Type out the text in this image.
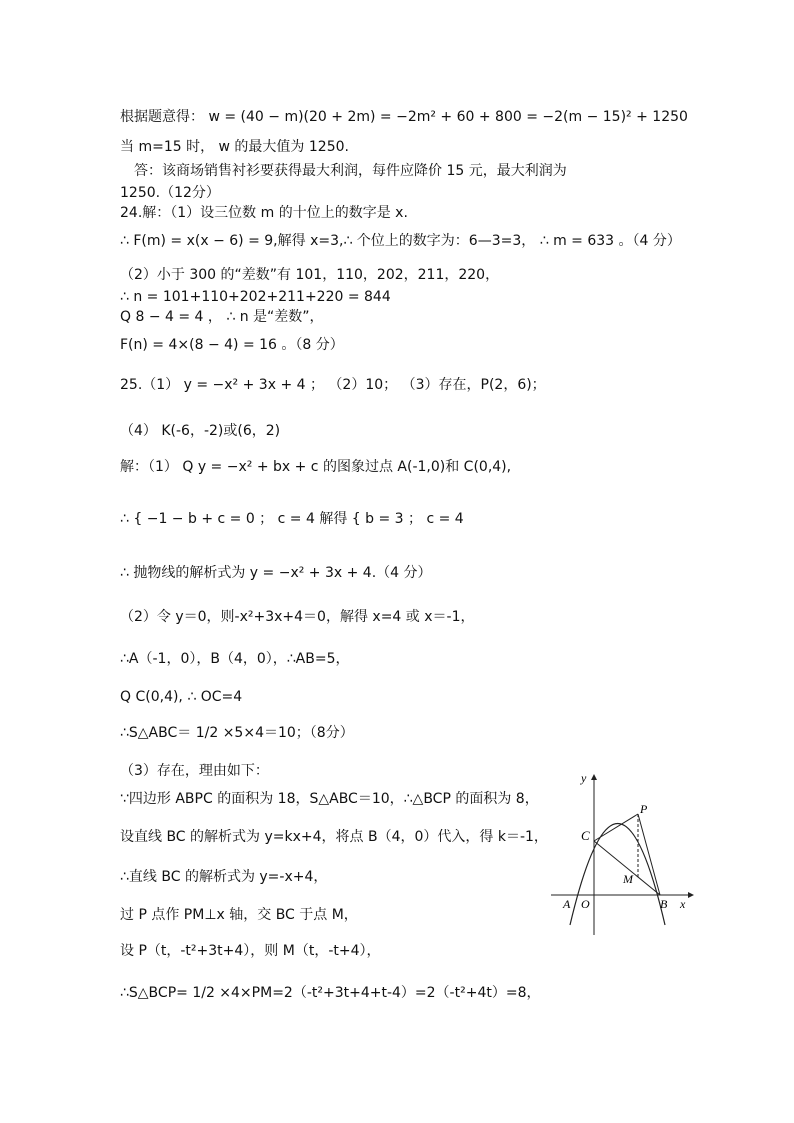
根据题意得： w = (40 − m)(20 + 2m) = −2m² + 60 + 800 = −2(m − 15)² + 1250
当 m=15 时， w 的最大值为 1250.
　答：该商场销售衬衫要获得最大利润，每件应降价 15 元，最大利润为
1250.（12分）
24.解：（1）设三位数 m 的十位上的数字是 x.
∴ F(m) = x(x − 6) = 9,解得 x=3,∴ 个位上的数字为：6—3=3， ∴ m = 633 。（4 分）
（2）小于 300 的“差数”有 101，110，202，211，220，
∴ n = 101+110+202+211+220 = 844
Q 8 − 4 = 4 ， ∴ n 是“差数”，
F(n) = 4×(8 − 4) = 16 。（8 分）
25.（1） y = −x² + 3x + 4 ； （2）10； （3）存在，P(2，6)；
（4） K(-6，-2)或(6，2)
解：（1） Q y = −x² + bx + c 的图象过点 A(-1,0)和 C(0,4),
∴ { −1 − b + c = 0 ； c = 4 解得 { b = 3 ； c = 4
∴ 抛物线的解析式为 y = −x² + 3x + 4.（4 分）
（2）令 y＝0，则-x²+3x+4＝0，解得 x=4 或 x＝-1，
∴A（-1，0），B（4，0），∴AB=5，
Q C(0,4), ∴ OC=4
∴S△ABC＝ 1/2 ×5×4＝10；（8分）
（3）存在，理由如下：
∵四边形 ABPC 的面积为 18，S△ABC＝10，∴△BCP 的面积为 8，
设直线 BC 的解析式为 y=kx+4，将点 B（4，0）代入，得 k＝-1，
∴直线 BC 的解析式为 y=-x+4，
过 P 点作 PM⊥x 轴，交 BC 于点 M，
设 P（t，-t²+3t+4），则 M（t，-t+4），
∴S△BCP= 1/2 ×4×PM=2（-t²+3t+4+t-4）=2（-t²+4t）=8，
y
C
P
M
A O	B x
